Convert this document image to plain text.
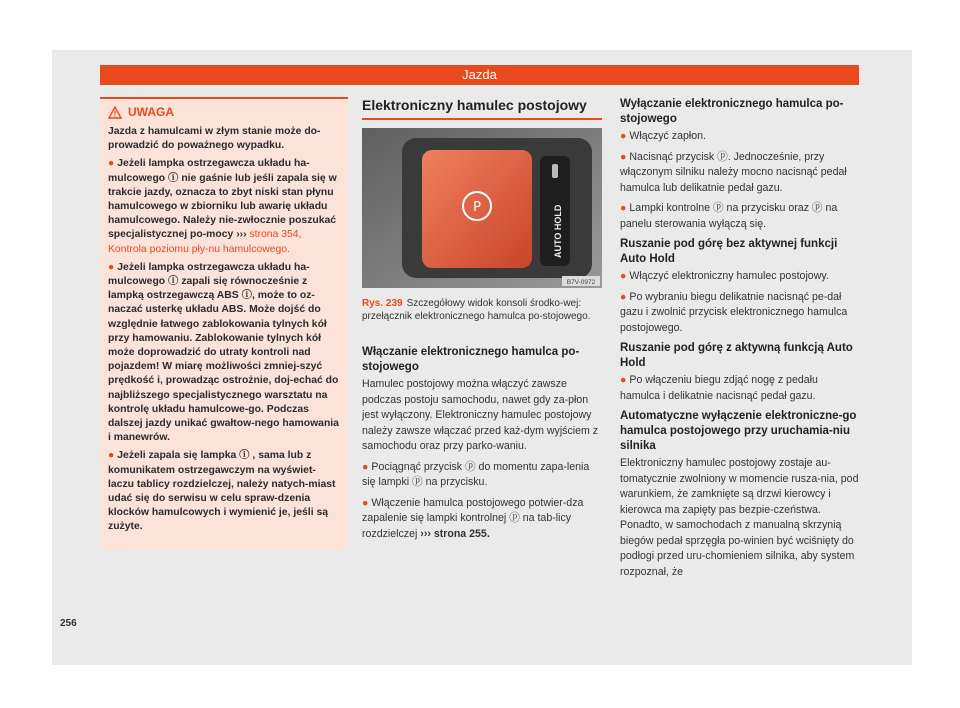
Jazda
UWAGA

Jazda z hamulcami w złym stanie może do-prowadzić do poważnego wypadku.

● Jeżeli lampka ostrzegawcza układu ha-mulcowego ⓘ nie gaśnie lub jeśli zapala się w trakcie jazdy, oznacza to zbyt niski stan płynu hamulcowego w zbiorniku lub awarię układu hamulcowego. Należy nie-zwłocznie poszukać specjalistycznej po-mocy ››› strona 354, Kontrola poziomu pły-nu hamulcowego.

● Jeżeli lampka ostrzegawcza układu ha-mulcowego ⓘ zapali się równocześnie z lampką ostrzegawczą ABS ⓘ, może to oz-naczać usterkę układu ABS. Może dojść do względnie łatwego zablokowania tylnych kół przy hamowaniu. Zablokowanie tylnych kół może doprowadzić do utraty kontroli nad pojazdem! W miarę możliwości zmniej-szyć prędkość i, prowadząc ostrożnie, doj-echać do najbliższego specjalistycznego warsztatu na kontrolę układu hamulcowe-go. Podczas dalszej jazdy unikać gwałtow-nego hamowania i manewrów.

● Jeżeli zapala się lampka ⓘ , sama lub z komunikatem ostrzegawczym na wyświet-laczu tablicy rozdzielczej, należy natych-miast udać się do serwisu w celu spraw-dzenia klocków hamulcowych i wymienić je, jeśli są zużyte.

Elektroniczny hamulec postojowy
P	AUTO HOLD
B7V-0972
Rys. 239 Szczegółowy widok konsoli środko-wej: przełącznik elektronicznego hamulca po-stojowego.
Włączanie elektronicznego hamulca po-stojowego

Hamulec postojowy można włączyć zawsze podczas postoju samochodu, nawet gdy za-płon jest wyłączony. Elektroniczny hamulec postojowy należy zawsze włączać przed każ-dym wyjściem z samochodu oraz przy parko-waniu.

● Pociągnąć przycisk ⓟ do momentu zapa-lenia się lampki ⓟ na przycisku.

● Włączenie hamulca postojowego potwier-dza zapalenie się lampki kontrolnej ⓟ na tab-licy rozdzielczej ››› strona 255.

Wyłączanie elektronicznego hamulca po-stojowego

● Włączyć zapłon.

● Nacisnąć przycisk ⓟ. Jednocześnie, przy włączonym silniku należy mocno nacisnąć pedał hamulca lub delikatnie pedał gazu.

● Lampki kontrolne ⓟ na przycisku oraz ⓟ na panelu sterowania wyłączą się.

Ruszanie pod górę bez aktywnej funkcji Auto Hold

● Włączyć elektroniczny hamulec postojowy.

● Po wybraniu biegu delikatnie nacisnąć pe-dał gazu i zwolnić przycisk elektronicznego hamulca postojowego.

Ruszanie pod górę z aktywną funkcją Auto Hold

● Po włączeniu biegu zdjąć nogę z pedału hamulca i delikatnie nacisnąć pedał gazu.

Automatyczne wyłączenie elektroniczne-go hamulca postojowego przy uruchamia-niu silnika

Elektroniczny hamulec postojowy zostaje au-tomatycznie zwolniony w momencie rusza-nia, pod warunkiem, że zamknięte są drzwi kierowcy i kierowca ma zapięty pas bezpie-czeństwa. Ponadto, w samochodach z manualną skrzynią biegów pedał sprzęgła po-winien być wciśnięty do podłogi przed uru-chomieniem silnika, aby system rozpoznał, że

256
